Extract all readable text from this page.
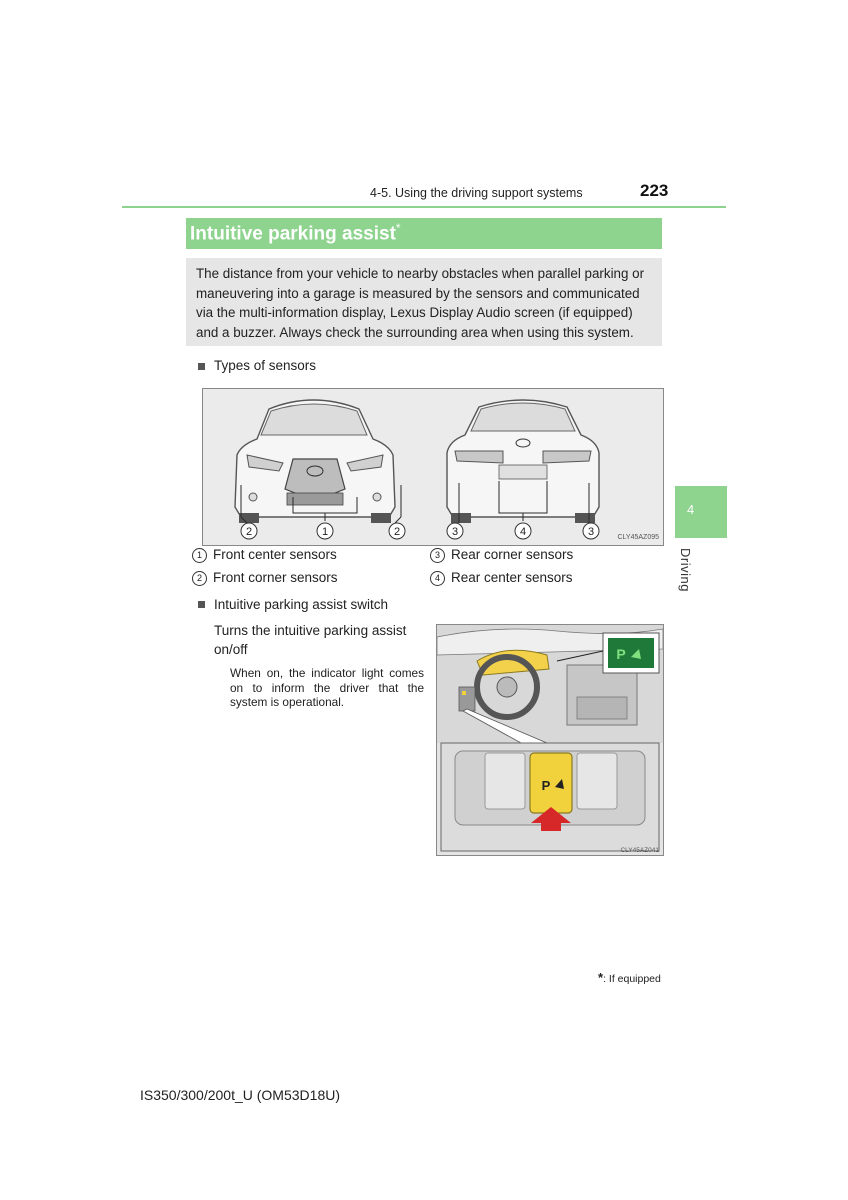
4-5. Using the driving support systems	223
Intuitive parking assist*
The distance from your vehicle to nearby obstacles when parallel parking or maneuvering into a garage is measured by the sensors and communicated via the multi-information display, Lexus Display Audio screen (if equipped) and a buzzer. Always check the surrounding area when using this system.
Types of sensors
2	1	2	3	4	3	CLY45AZ095
1 Front center sensors	3 Rear corner sensors
2 Front corner sensors	4 Rear center sensors
4
Driving
Intuitive parking assist switch
Turns the intuitive parking assist on/off
When on, the indicator light comes on to inform the driver that the system is operational.
P
P
CLY45AZ041
*: If equipped
IS350/300/200t_U (OM53D18U)
